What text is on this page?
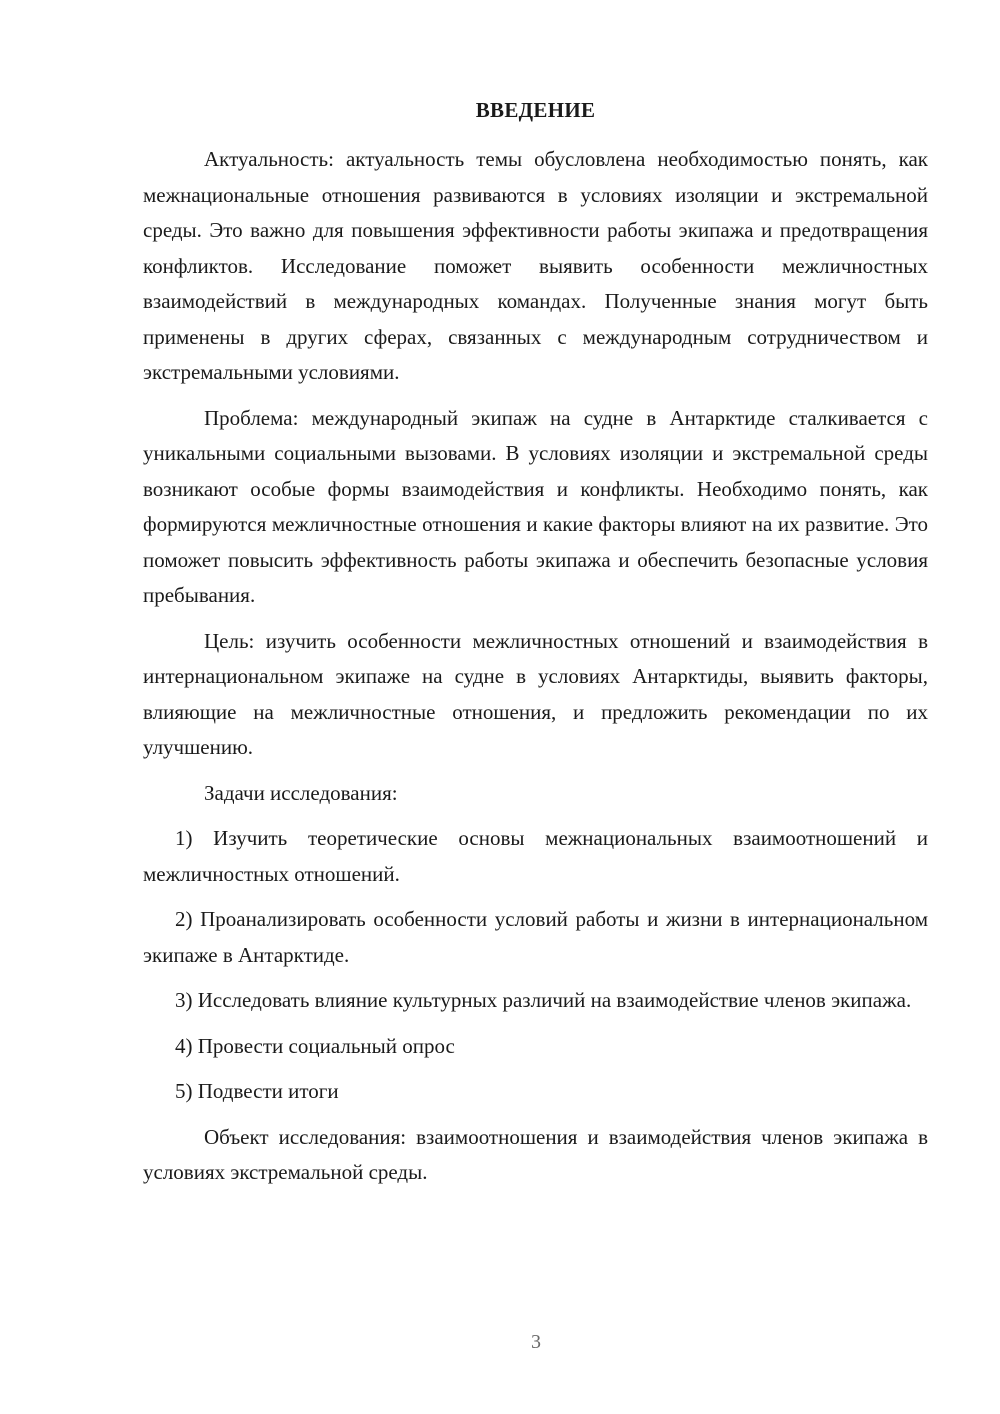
ВВЕДЕНИЕ

Актуальность: актуальность темы обусловлена необходимостью понять, как межнациональные отношения развиваются в условиях изоляции и экстремальной среды. Это важно для повышения эффективности работы экипажа и предотвращения конфликтов. Исследование поможет выявить особенности межличностных взаимодействий в международных командах. Полученные знания могут быть применены в других сферах, связанных с международным сотрудничеством и экстремальными условиями.

Проблема: международный экипаж на судне в Антарктиде сталкивается с уникальными социальными вызовами. В условиях изоляции и экстремальной среды возникают особые формы взаимодействия и конфликты. Необходимо понять, как формируются межличностные отношения и какие факторы влияют на их развитие. Это поможет повысить эффективность работы экипажа и обеспечить безопасные условия пребывания.

Цель: изучить особенности межличностных отношений и взаимодействия в интернациональном экипаже на судне в условиях Антарктиды, выявить факторы, влияющие на межличностные отношения, и предложить рекомендации по их улучшению.

Задачи исследования:

1) Изучить теоретические основы межнациональных взаимоотношений и межличностных отношений.

2) Проанализировать особенности условий работы и жизни в интернациональном экипаже в Антарктиде.

3) Исследовать влияние культурных различий на взаимодействие членов экипажа.

4) Провести социальный опрос

5) Подвести итоги

Объект исследования: взаимоотношения и взаимодействия членов экипажа в условиях экстремальной среды.

3
